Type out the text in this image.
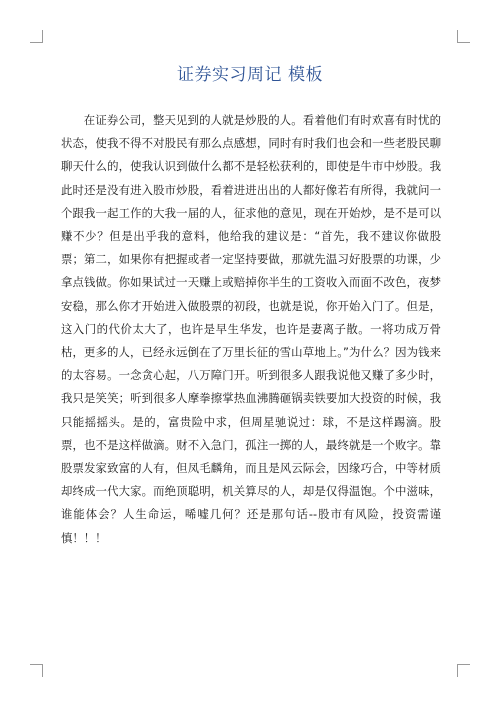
证券实习周记 模板

在证券公司，整天见到的人就是炒股的人。看着他们有时欢喜有时忧的状态，使我不得不对股民有那么点感想，同时有时我们也会和一些老股民聊聊天什么的，使我认识到做什么都不是轻松获利的，即使是牛市中炒股。我此时还是没有进入股市炒股，看着进进出出的人都好像若有所得，我就问一个跟我一起工作的大我一届的人，征求他的意见，现在开始炒，是不是可以赚不少？但是出乎我的意料，他给我的建议是：“首先，我不建议你做股票；第二，如果你有把握或者一定坚持要做，那就先温习好股票的功课，少拿点钱做。你如果试过一天赚上或赔掉你半生的工资收入而面不改色，夜梦安稳，那么你才开始进入做股票的初段，也就是说，你开始入门了。但是，这入门的代价太大了，也许是早生华发，也许是妻离子散。一将功成万骨枯，更多的人，已经永远倒在了万里长征的雪山草地上。”为什么？因为钱来的太容易。一念贪心起，八万障门开。听到很多人跟我说他又赚了多少时，我只是笑笑；听到很多人摩拳擦掌热血沸腾砸锅卖铁要加大投资的时候，我只能摇摇头。是的，富贵险中求，但周星驰说过：球，不是这样踢滴。股票，也不是这样做滴。财不入急门，孤注一掷的人，最终就是一个败字。靠股票发家致富的人有，但凤毛麟角，而且是风云际会，因缘巧合，中等材质却终成一代大家。而绝顶聪明，机关算尽的人，却是仅得温饱。个中滋味，谁能体会？人生命运，唏嘘几何？还是那句话--股市有风险，投资需谨慎！！！
